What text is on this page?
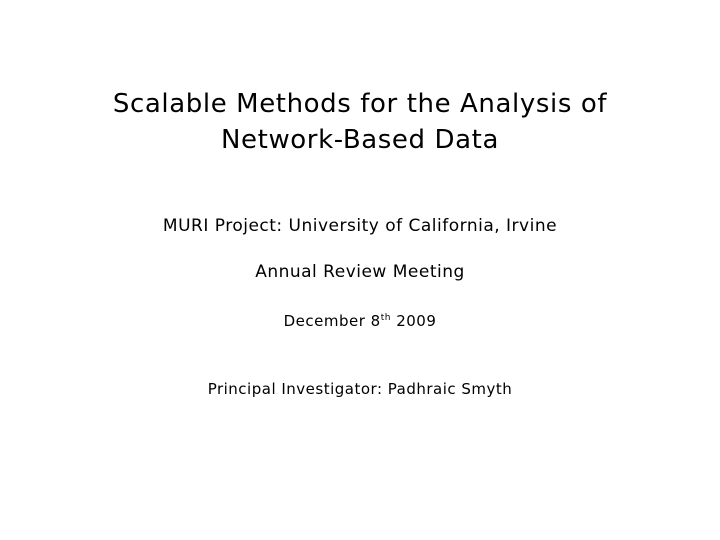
Scalable Methods for the Analysis of
Network-Based Data
MURI Project: University of California, Irvine
Annual Review Meeting
December 8th 2009
Principal Investigator: Padhraic Smyth
